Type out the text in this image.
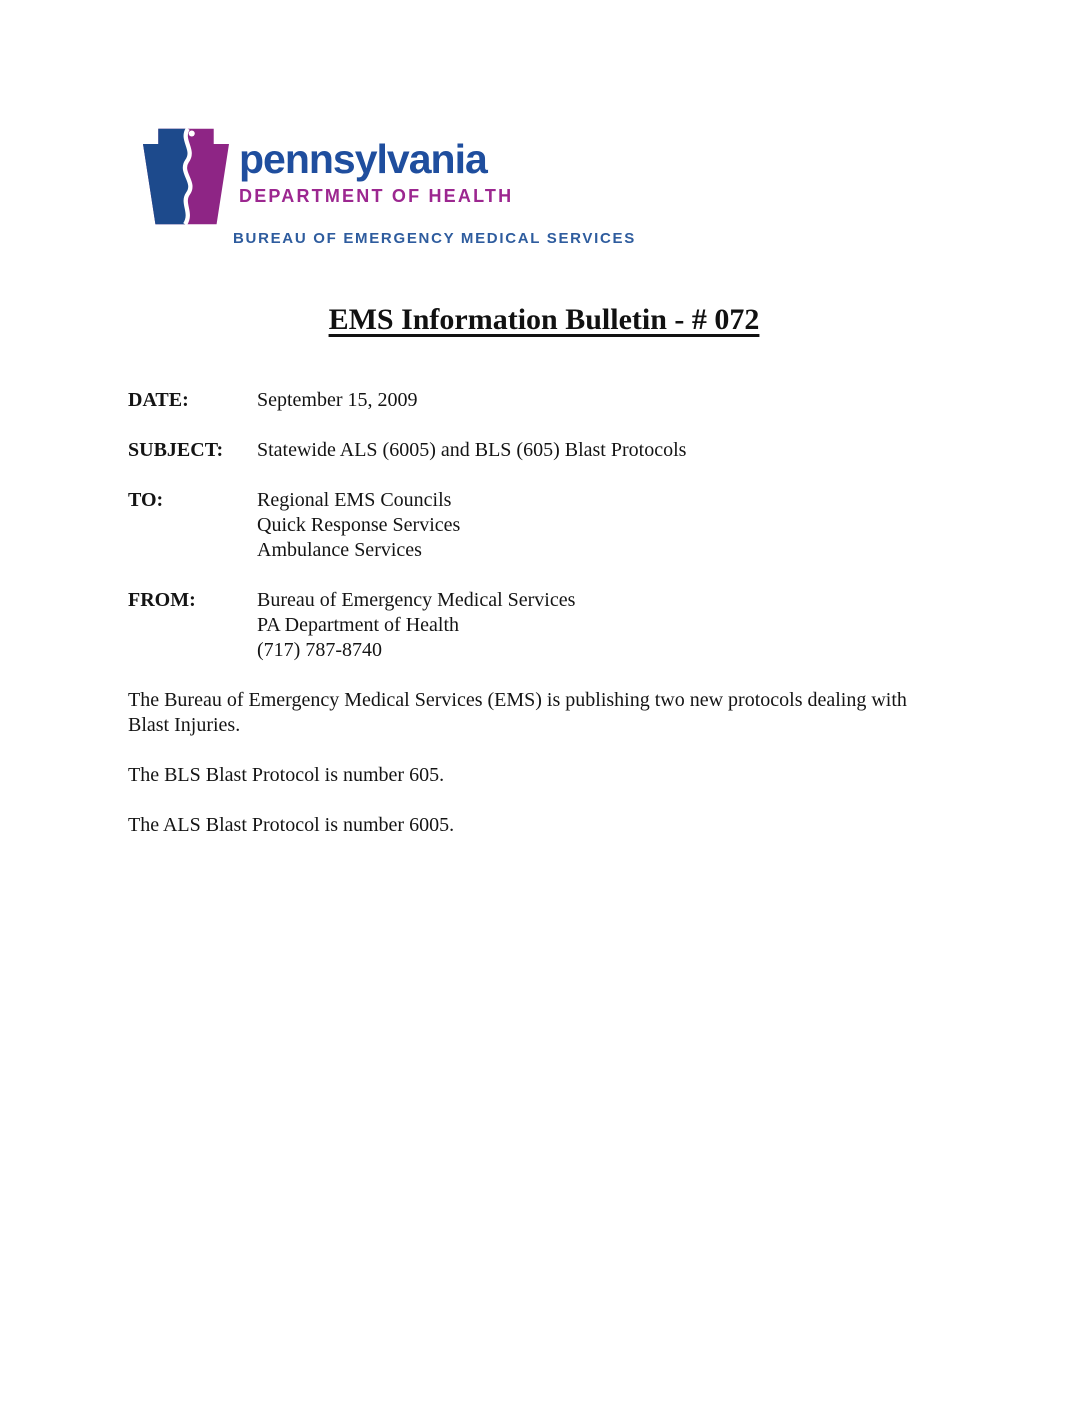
pennsylvania
DEPARTMENT OF HEALTH
BUREAU OF EMERGENCY MEDICAL SERVICES
EMS Information Bulletin - # 072
DATE:	September 15, 2009
SUBJECT:	Statewide ALS (6005) and BLS (605) Blast Protocols
TO:	Regional EMS Councils
Quick Response Services
Ambulance Services
FROM:	Bureau of Emergency Medical Services
PA Department of Health
(717) 787-8740

The Bureau of Emergency Medical Services (EMS) is publishing two new protocols dealing with Blast Injuries.

The BLS Blast Protocol is number 605.

The ALS Blast Protocol is number 6005.
